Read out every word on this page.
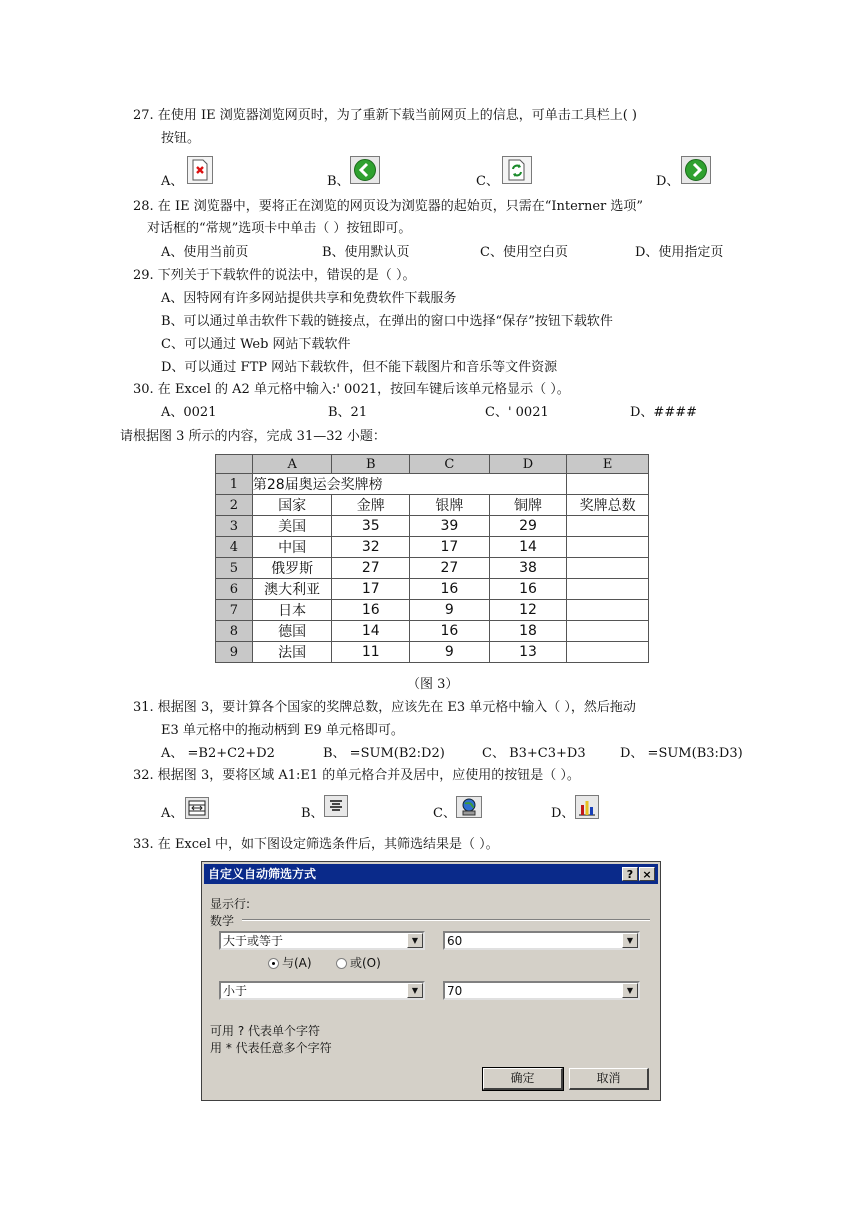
27. 在使用 IE 浏览器浏览网页时，为了重新下载当前网页上的信息，可单击工具栏上( )
按钮。
A、	B、	C、	D、
28. 在 IE 浏览器中，要将正在浏览的网页设为浏览器的起始页，只需在“Interner 选项”
对话框的“常规”选项卡中单击（ ）按钮即可。
A、使用当前页	B、使用默认页	C、使用空白页	D、使用指定页
29. 下列关于下载软件的说法中，错误的是（ ）。
A、因特网有许多网站提供共享和免费软件下载服务
B、可以通过单击软件下载的链接点，在弹出的窗口中选择“保存”按钮下载软件
C、可以通过 Web 网站下载软件
D、可以通过 FTP 网站下载软件，但不能下载图片和音乐等文件资源
30. 在 Excel 的 A2 单元格中输入:' 0021，按回车键后该单元格显示（ ）。
A、0021	B、21	C、' 0021	D、####
请根据图 3 所示的内容，完成 31—32 小题：
	A	B	C	D	E
1	第28届奥运会奖牌榜				
2	国家	金牌	银牌	铜牌	奖牌总数
3	美国	35	39	29	
4	中国	32	17	14	
5	俄罗斯	27	27	38	
6	澳大利亚	17	16	16	
7	日本	16	9	12	
8	德国	14	16	18	
9	法国	11	9	13	
（图 3）
31. 根据图 3，要计算各个国家的奖牌总数，应该先在 E3 单元格中输入（ ），然后拖动
E3 单元格中的拖动柄到 E9 单元格即可。
A、 =B2+C2+D2	B、 =SUM(B2:D2)	C、 B3+C3+D3	D、 =SUM(B3:D3)
32. 根据图 3，要将区域 A1:E1 的单元格合并及居中，应使用的按钮是（ ）。
A、	B、	C、	D、
33. 在 Excel 中，如下图设定筛选条件后，其筛选结果是（ ）。
自定义自动筛选方式	? ×
显示行:
数学
大于或等于	▼	60	▼
与(A)	或(O)
小于	▼	70	▼
可用 ? 代表单个字符
用 * 代表任意多个字符
确定	取消
